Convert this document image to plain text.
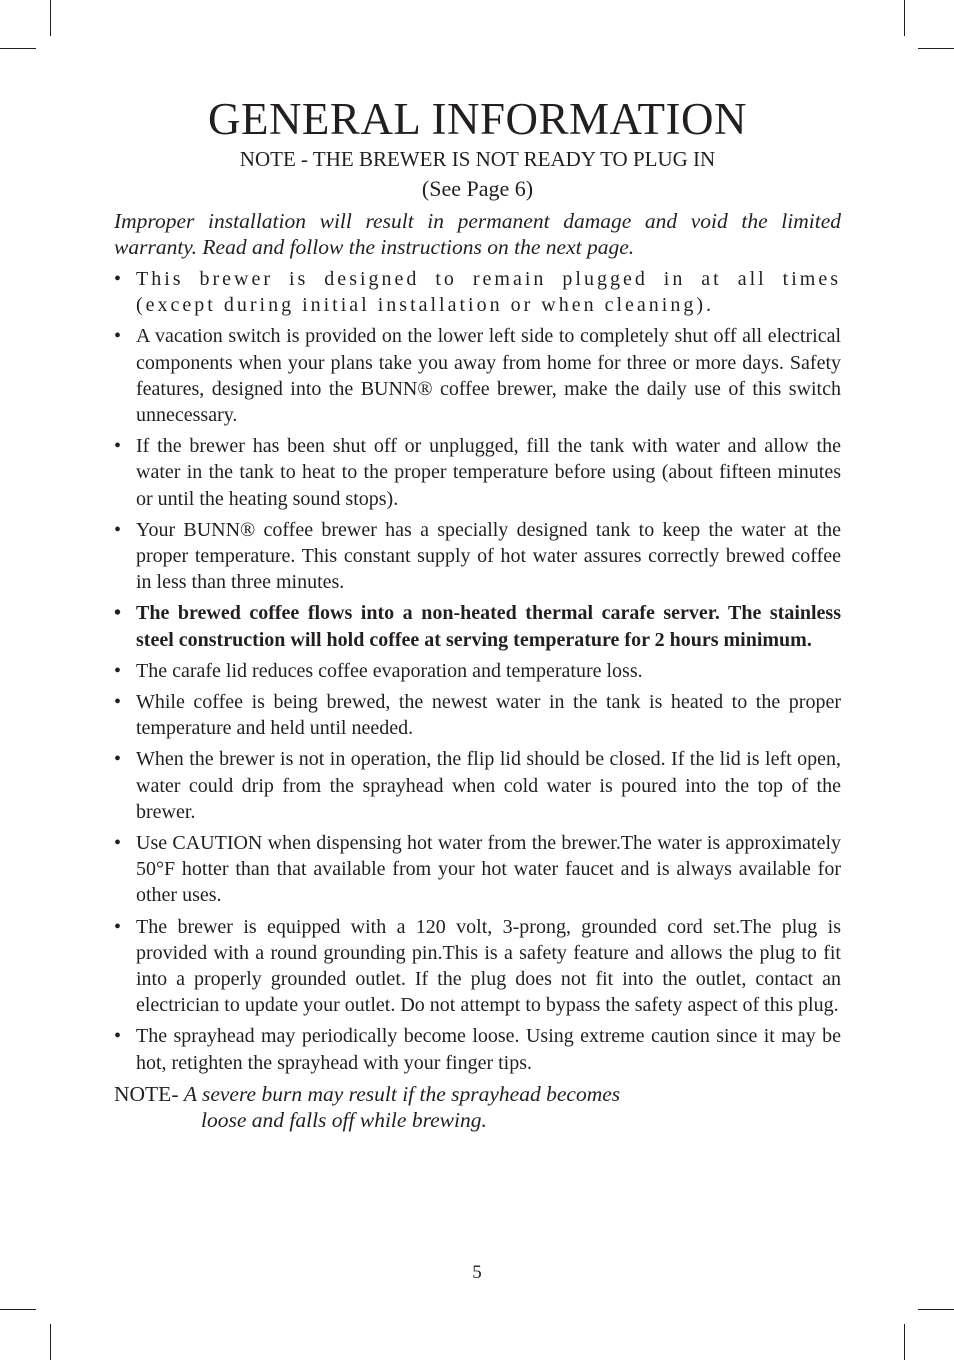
GENERAL INFORMATION

NOTE - THE BREWER IS NOT READY TO PLUG IN

(See Page 6)

Improper installation will result in permanent damage and void the limited warranty. Read and follow the instructions on the next page.

• This brewer is designed to remain plugged in at all times (except during initial installation or when cleaning).
• A vacation switch is provided on the lower left side to completely shut off all electrical components when your plans take you away from home for three or more days. Safety features, designed into the BUNN® coffee brewer, make the daily use of this switch unnecessary.
• If the brewer has been shut off or unplugged, fill the tank with water and allow the water in the tank to heat to the proper temperature before using (about fifteen minutes or until the heating sound stops).
• Your BUNN® coffee brewer has a specially designed tank to keep the water at the proper temperature. This constant supply of hot water assures correctly brewed coffee in less than three minutes.
• The brewed coffee flows into a non-heated thermal carafe server. The stainless steel construction will hold coffee at serving temperature for 2 hours minimum.
• The carafe lid reduces coffee evaporation and temperature loss.
• While coffee is being brewed, the newest water in the tank is heated to the proper temperature and held until needed.
• When the brewer is not in operation, the flip lid should be closed. If the lid is left open, water could drip from the sprayhead when cold water is poured into the top of the brewer.
• Use CAUTION when dispensing hot water from the brewer.The water is approximately 50°F hotter than that available from your hot water faucet and is always available for other uses.
• The brewer is equipped with a 120 volt, 3-prong, grounded cord set.The plug is provided with a round grounding pin.This is a safety feature and allows the plug to fit into a properly grounded outlet. If the plug does not fit into the outlet, contact an electrician to update your outlet. Do not attempt to bypass the safety aspect of this plug.
• The sprayhead may periodically become loose. Using extreme caution since it may be hot, retighten the sprayhead with your finger tips.
NOTE- A severe burn may result if the sprayhead becomes
loose and falls off while brewing.
5
